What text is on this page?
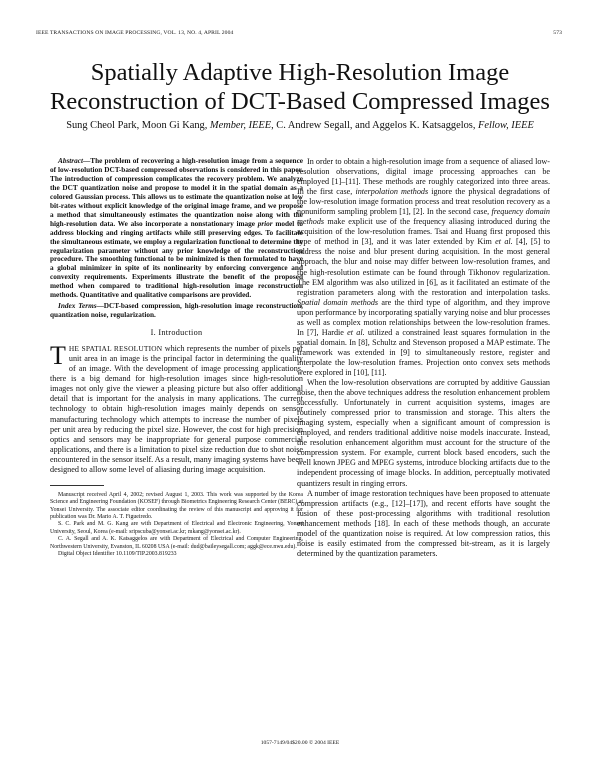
IEEE TRANSACTIONS ON IMAGE PROCESSING, VOL. 13, NO. 4, APRIL 2004	573
Spatially Adaptive High-Resolution Image
Reconstruction of DCT-Based Compressed Images
Sung Cheol Park, Moon Gi Kang, Member, IEEE, C. Andrew Segall, and Aggelos K. Katsaggelos, Fellow, IEEE

Abstract—The problem of recovering a high-resolution image from a sequence of low-resolution DCT-based compressed observations is considered in this paper. The introduction of compression complicates the recovery problem. We analyze the DCT quantization noise and propose to model it in the spatial domain as a colored Gaussian process. This allows us to estimate the quantization noise at low bit-rates without explicit knowledge of the original image frame, and we propose a method that simultaneously estimates the quantization noise along with the high-resolution data. We also incorporate a nonstationary image prior model to address blocking and ringing artifacts while still preserving edges. To facilitate the simultaneous estimate, we employ a regularization functional to determine the regularization parameter without any prior knowledge of the reconstruction procedure. The smoothing functional to be minimized is then formulated to have a global minimizer in spite of its nonlinearity by enforcing convergence and convexity requirements. Experiments illustrate the benefit of the proposed method when compared to traditional high-resolution image reconstruction methods. Quantitative and qualitative comparisons are provided.

Index Terms—DCT-based compression, high-resolution image reconstruction, quantization noise, regularization.

I. Introduction

THE SPATIAL RESOLUTION which represents the number of pixels per unit area in an image is the principal factor in determining the quality of an image. With the development of image processing applications, there is a big demand for high-resolution images since high-resolution images not only give the viewer a pleasing picture but also offer additional detail that is important for the analysis in many applications. The current technology to obtain high-resolution images mainly depends on sensor manufacturing technology which attempts to increase the number of pixels per unit area by reducing the pixel size. However, the cost for high precision optics and sensors may be inappropriate for general purpose commercial applications, and there is a limitation to pixel size reduction due to shot noise encountered in the sensor itself. As a result, many imaging systems have been designed to allow some level of aliasing during image acquisition.

Manuscript received April 4, 2002; revised August 1, 2003. This work was supported by the Korea Science and Engineering Foundation (KOSEF) through Biometrics Engineering Research Center (BERC) at Yonsei University. The associate editor coordinating the review of this manuscript and approving it for publication was Dr. Mario A. T. Figueiredo.

S. C. Park and M. G. Kang are with Department of Electrical and Electronic Engineering, Yonsei University, Seoul, Korea (e-mail: sripscuba@yonsei.ac.kr; mkang@yonsei.ac.kr).

C. A. Segall and A. K. Katsaggelos are with Department of Electrical and Computer Engineering, Northwestern University, Evanston, IL 60208 USA (e-mail: dud@baileysegall.com; aggk@ece.nwu.edu).

Digital Object Identifier 10.1109/TIP.2003.819233

In order to obtain a high-resolution image from a sequence of aliased low-resolution observations, digital image processing approaches can be employed [1]–[11]. These methods are roughly categorized into three areas. In the first case, interpolation methods ignore the physical degradations of the low-resolution image formation process and treat resolution recovery as a nonuniform sampling problem [1], [2]. In the second case, frequency domain methods make explicit use of the frequency aliasing introduced during the acquisition of the low-resolution frames. Tsai and Huang first proposed this type of method in [3], and it was later extended by Kim et al. [4], [5] to address the noise and blur present during acquisition. In the most general approach, the blur and noise may differ between low-resolution frames, and the high-resolution estimate can be found through Tikhonov regularization. The EM algorithm was also utilized in [6], as it facilitated an estimate of the registration parameters along with the restoration and interpolation tasks. Spatial domain methods are the third type of algorithm, and they improve upon performance by incorporating spatially varying noise and blur processes as well as complex motion relationships between the low-resolution frames. In [7], Hardie et al. utilized a constrained least squares formulation in the spatial domain. In [8], Schultz and Stevenson proposed a MAP estimate. The framework was extended in [9] to simultaneously restore, register and interpolate the low-resolution frames. Projection onto convex sets methods were explored in [10], [11].

When the low-resolution observations are corrupted by additive Gaussian noise, then the above techniques address the resolution enhancement problem successfully. Unfortunately in current acquisition systems, images are routinely compressed prior to transmission and storage. This alters the imaging system, especially when a significant amount of compression is employed, and renders traditional additive noise models inaccurate. Instead, the resolution enhancement algorithm must account for the structure of the compression system. For example, current block based encoders, such the well known JPEG and MPEG systems, introduce blocking artifacts due to the independent processing of image blocks. In addition, perceptually motivated quantizers result in ringing errors.

A number of image restoration techniques have been proposed to attenuate compression artifacts (e.g., [12]–[17]), and recent efforts have sought the fusion of these post-processing algorithms with traditional resolution enhancement methods [18]. In each of these methods though, an accurate model of the quantization noise is required. At low compression ratios, this noise is easily estimated from the compressed bit-stream, as it is largely determined by the quantization parameters.

1057-7149/04$20.00 © 2004 IEEE
